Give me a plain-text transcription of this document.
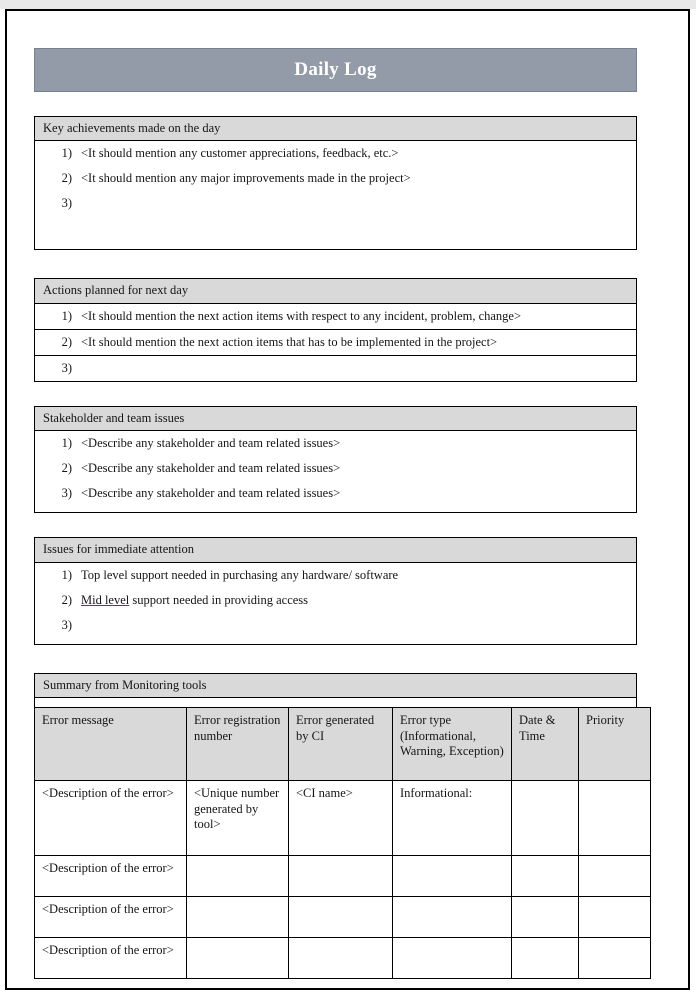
Daily Log
Key achievements made on the day
1) <It should mention any customer appreciations, feedback, etc.>
2) <It should mention any major improvements made in the project>
3)
Actions planned for next day
1) <It should mention the next action items with respect to any incident, problem, change>
2) <It should mention the next action items that has to be implemented in the project>
3)
Stakeholder and team issues
1) <Describe any stakeholder and team related issues>
2) <Describe any stakeholder and team related issues>
3) <Describe any stakeholder and team related issues>
Issues for immediate attention
1) Top level support needed in purchasing any hardware/ software
2) Mid level support needed in providing access
3)
Summary from Monitoring tools
Error message	Error registration number	Error generated by CI	Error type (Informational, Warning, Exception)	Date & Time	Priority
<Description of the error>	<Unique number generated by tool>	<CI name>	Informational:		
<Description of the error>					
<Description of the error>					
<Description of the error>					
